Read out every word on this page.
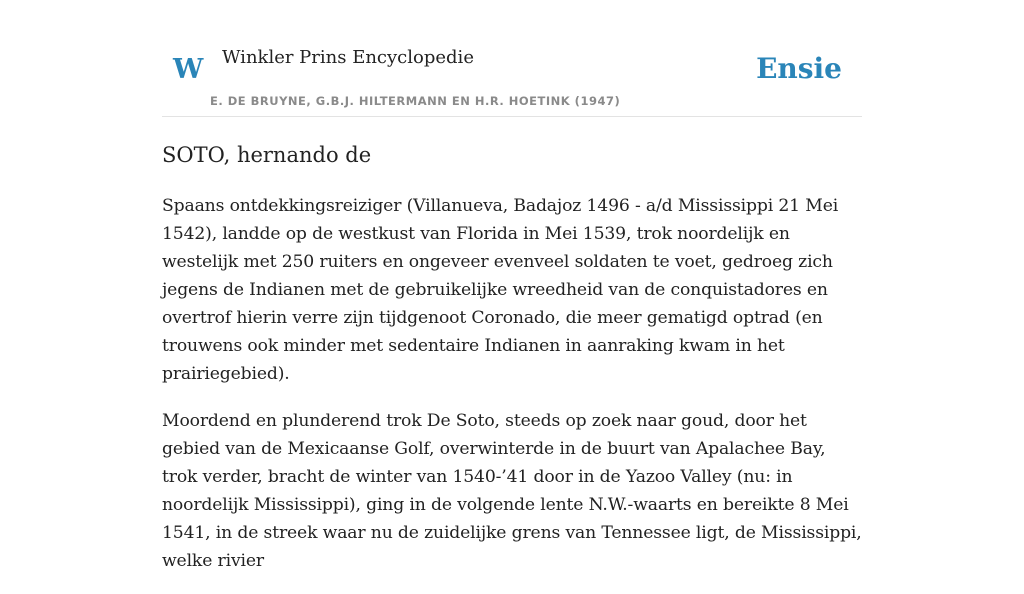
W Winkler Prins Encyclopedie
E. DE BRUYNE, G.B.J. HILTERMANN EN H.R. HOETINK (1947)
Ensie
SOTO, hernando de

Spaans ontdekkingsreiziger (Villanueva, Badajoz 1496 - a/d Mississippi 21 Mei 1542), landde op de westkust van Florida in Mei 1539, trok noordelijk en westelijk met 250 ruiters en ongeveer evenveel soldaten te voet, gedroeg zich jegens de Indianen met de gebruikelijke wreedheid van de conquistadores en overtrof hierin verre zijn tijdgenoot Coronado, die meer gematigd optrad (en trouwens ook minder met sedentaire Indianen in aanraking kwam in het prairiegebied).

Moordend en plunderend trok De Soto, steeds op zoek naar goud, door het gebied van de Mexicaanse Golf, overwinterde in de buurt van Apalachee Bay, trok verder, bracht de winter van 1540-’41 door in de Yazoo Valley (nu: in noordelijk Mississippi), ging in de volgende lente N.W.-waarts en bereikte 8 Mei 1541, in de streek waar nu de zuidelijke grens van Tennessee ligt, de Mississippi, welke rivier
